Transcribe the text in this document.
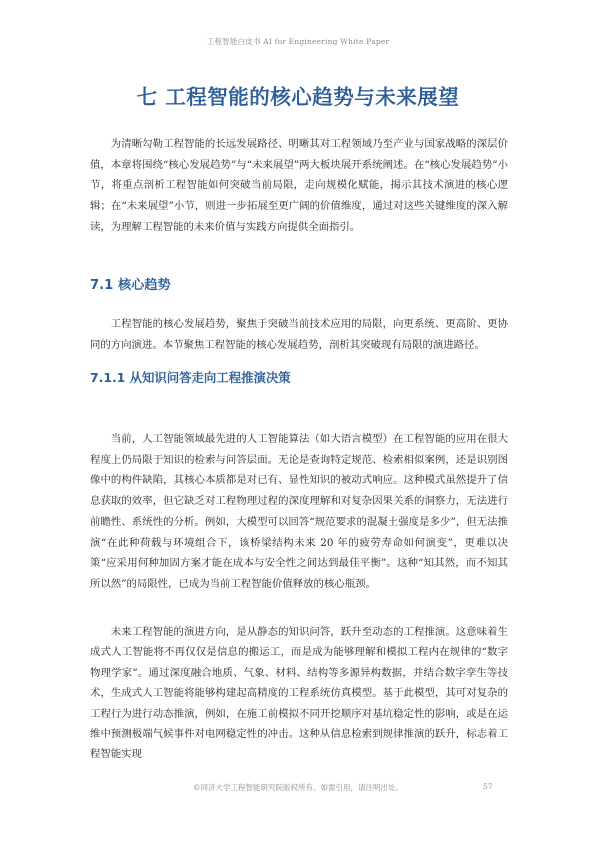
工程智能白皮书 AI for Engineering White Paper
七 工程智能的核心趋势与未来展望

为清晰勾勒工程智能的长远发展路径、明晰其对工程领域乃至产业与国家战略的深层价值，本章将围绕“核心发展趋势”与“未来展望”两大板块展开系统阐述。在“核心发展趋势”小节，将重点剖析工程智能如何突破当前局限，走向规模化赋能，揭示其技术演进的核心逻辑；在“未来展望”小节，则进一步拓展至更广阔的价值维度，通过对这些关键维度的深入解读，为理解工程智能的未来价值与实践方向提供全面指引。

7.1 核心趋势

工程智能的核心发展趋势，聚焦于突破当前技术应用的局限，向更系统、更高阶、更协同的方向演进。本节聚焦工程智能的核心发展趋势，剖析其突破现有局限的演进路径。

7.1.1 从知识问答走向工程推演决策

当前，人工智能领域最先进的人工智能算法（如大语言模型）在工程智能的应用在很大程度上仍局限于知识的检索与问答层面。无论是查询特定规范、检索相似案例，还是识别图像中的构件缺陷，其核心本质都是对已有、显性知识的被动式响应。这种模式虽然提升了信息获取的效率，但它缺乏对工程物理过程的深度理解和对复杂因果关系的洞察力，无法进行前瞻性、系统性的分析。例如，大模型可以回答“规范要求的混凝土强度是多少”，但无法推演“在此种荷载与环境组合下，该桥梁结构未来 20 年的疲劳寿命如何演变”，更难以决策“应采用何种加固方案才能在成本与安全性之间达到最佳平衡”。这种“知其然，而不知其所以然”的局限性，已成为当前工程智能价值释放的核心瓶颈。

未来工程智能的演进方向，是从静态的知识问答，跃升至动态的工程推演。这意味着生成式人工智能将不再仅仅是信息的搬运工，而是成为能够理解和模拟工程内在规律的“数字物理学家”。通过深度融合地质、气象、材料、结构等多源异构数据，并结合数字孪生等技术，生成式人工智能将能够构建起高精度的工程系统仿真模型。基于此模型，其可对复杂的工程行为进行动态推演，例如，在施工前模拟不同开挖顺序对基坑稳定性的影响，或是在运维中预测极端气候事件对电网稳定性的冲击。这种从信息检索到规律推演的跃升，标志着工程智能实现

©同济大学工程智能研究院版权所有。如需引用，请注明出处。	57
